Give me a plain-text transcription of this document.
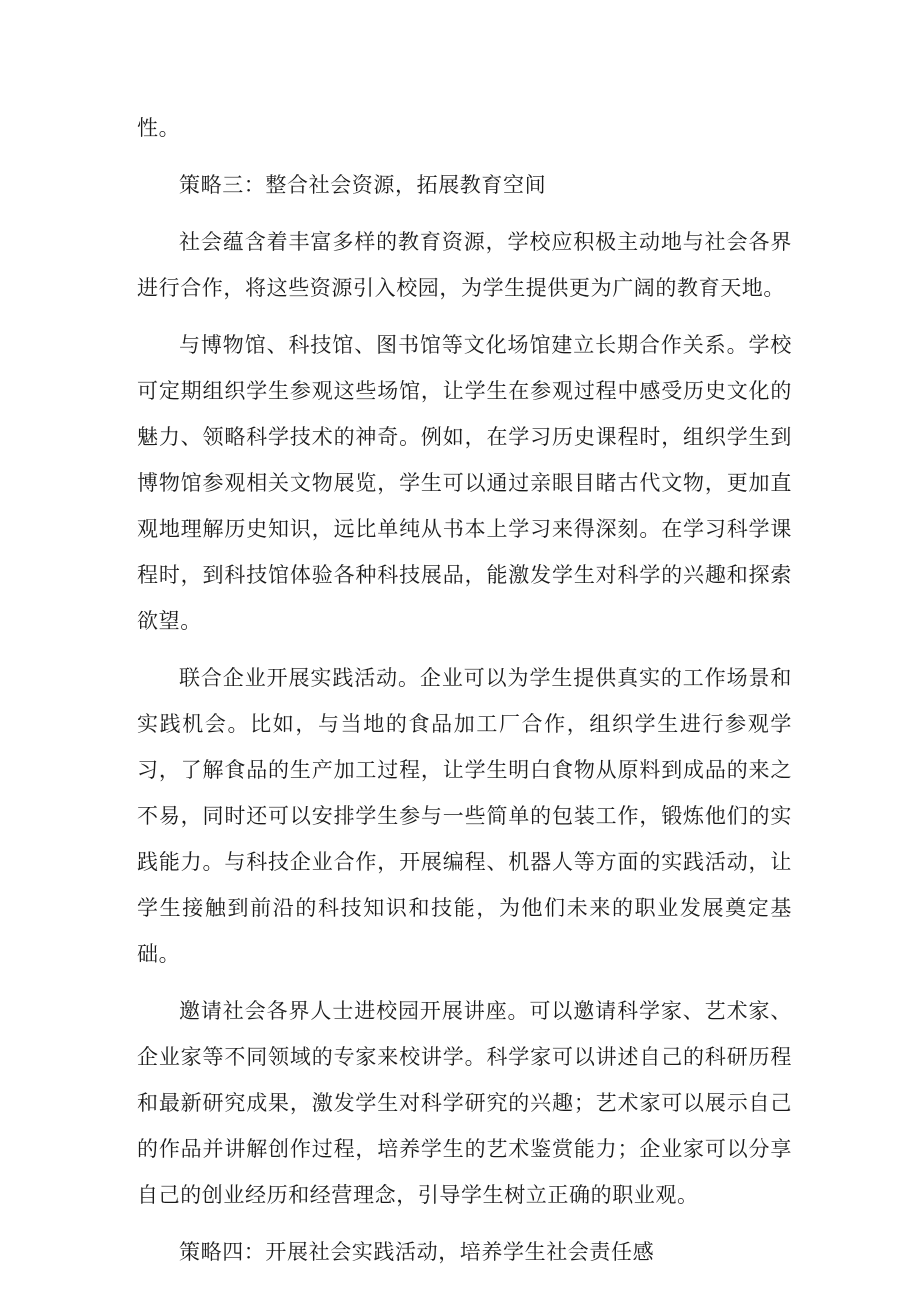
性。

策略三：整合社会资源，拓展教育空间

社会蕴含着丰富多样的教育资源，学校应积极主动地与社会各界进行合作，将这些资源引入校园，为学生提供更为广阔的教育天地。

与博物馆、科技馆、图书馆等文化场馆建立长期合作关系。学校可定期组织学生参观这些场馆，让学生在参观过程中感受历史文化的魅力、领略科学技术的神奇。例如，在学习历史课程时，组织学生到博物馆参观相关文物展览，学生可以通过亲眼目睹古代文物，更加直观地理解历史知识，远比单纯从书本上学习来得深刻。在学习科学课程时，到科技馆体验各种科技展品，能激发学生对科学的兴趣和探索欲望。

联合企业开展实践活动。企业可以为学生提供真实的工作场景和实践机会。比如，与当地的食品加工厂合作，组织学生进行参观学习，了解食品的生产加工过程，让学生明白食物从原料到成品的来之不易，同时还可以安排学生参与一些简单的包装工作，锻炼他们的实践能力。与科技企业合作，开展编程、机器人等方面的实践活动，让学生接触到前沿的科技知识和技能，为他们未来的职业发展奠定基础。

邀请社会各界人士进校园开展讲座。可以邀请科学家、艺术家、企业家等不同领域的专家来校讲学。科学家可以讲述自己的科研历程和最新研究成果，激发学生对科学研究的兴趣；艺术家可以展示自己的作品并讲解创作过程，培养学生的艺术鉴赏能力；企业家可以分享自己的创业经历和经营理念，引导学生树立正确的职业观。

策略四：开展社会实践活动，培养学生社会责任感
